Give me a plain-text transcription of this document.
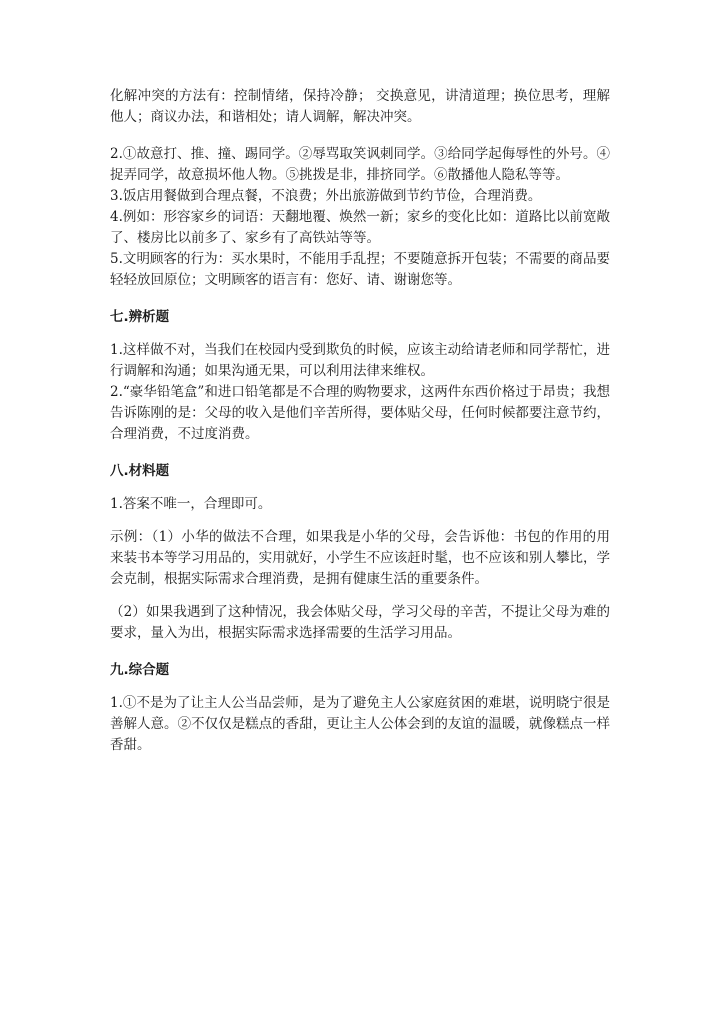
化解冲突的方法有：控制情绪，保持冷静； 交换意见，讲清道理；换位思考，理解他人；商议办法，和谐相处；请人调解，解决冲突。

2.①故意打、推、撞、踢同学。②辱骂取笑讽刺同学。③给同学起侮辱性的外号。④捉弄同学，故意损坏他人物。⑤挑拨是非，排挤同学。⑥散播他人隐私等等。

3.饭店用餐做到合理点餐，不浪费；外出旅游做到节约节俭，合理消费。

4.例如：形容家乡的词语：天翻地覆、焕然一新；家乡的变化比如：道路比以前宽敞了、楼房比以前多了、家乡有了高铁站等等。

5.文明顾客的行为：买水果时，不能用手乱捏；不要随意拆开包装；不需要的商品要轻轻放回原位；文明顾客的语言有：您好、请、谢谢您等。

七.辨析题

1.这样做不对，当我们在校园内受到欺负的时候，应该主动给请老师和同学帮忙，进行调解和沟通；如果沟通无果，可以利用法律来维权。

2.“豪华铅笔盒”和进口铅笔都是不合理的购物要求，这两件东西价格过于昂贵；我想告诉陈刚的是：父母的收入是他们辛苦所得，要体贴父母，任何时候都要注意节约，合理消费，不过度消费。

八.材料题

1.答案不唯一，合理即可。

示例：（1）小华的做法不合理，如果我是小华的父母，会告诉他：书包的作用的用来装书本等学习用品的，实用就好，小学生不应该赶时髦，也不应该和别人攀比，学会克制，根据实际需求合理消费，是拥有健康生活的重要条件。

（2）如果我遇到了这种情况，我会体贴父母，学习父母的辛苦，不提让父母为难的要求，量入为出，根据实际需求选择需要的生活学习用品。

九.综合题

1.①不是为了让主人公当品尝师，是为了避免主人公家庭贫困的难堪，说明晓宁很是善解人意。②不仅仅是糕点的香甜，更让主人公体会到的友谊的温暖，就像糕点一样香甜。
